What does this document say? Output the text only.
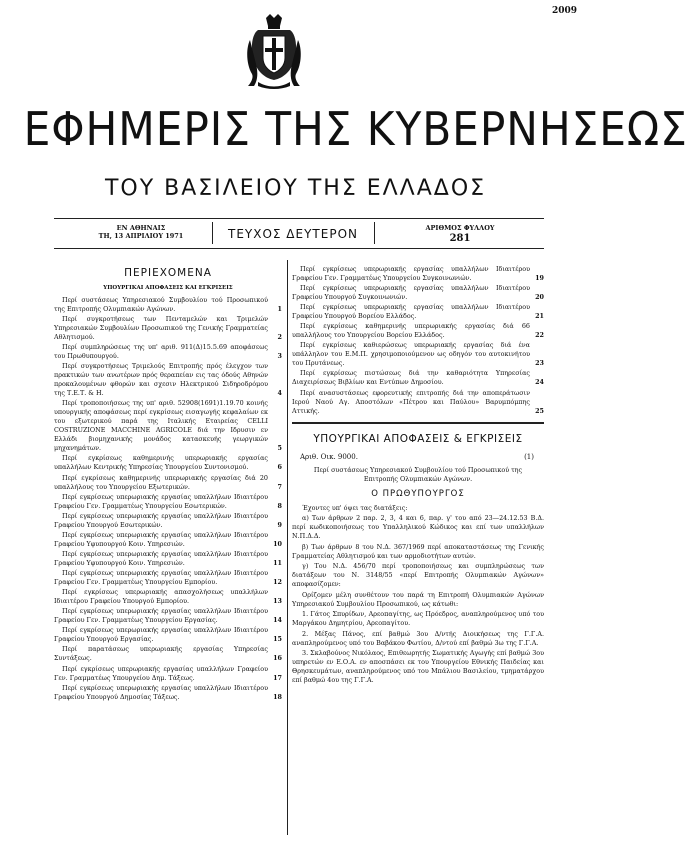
2009
ΕΦΗΜΕΡΙΣ ΤΗΣ ΚΥΒΕΡΝΗΣΕΩΣ
ΤΟΥ ΒΑΣΙΛΕΙΟΥ ΤΗΣ ΕΛΛΑΔΟΣ
ΕΝ ΑΘΗΝΑΙΣ
ΤΗ, 13 ΑΠΡΙΛΙΟΥ 1971	ΤΕΥΧΟΣ ΔΕΥΤΕΡΟΝ	ΑΡΙΘΜΟΣ ΦΥΛΛΟΥ
281
ΠΕΡΙΕΧΟΜΕΝΑ
ΥΠΟΥΡΓΙΚΑΙ ΑΠΟΦΑΣΕΙΣ ΚΑΙ ΕΓΚΡΙΣΕΙΣ
Περί συστάσεως Υπηρεσιακού Συμβουλίου τού Προσωπικού της Επιτροπής Ολυμπιακών Αγώνων.	1
Περί συγκροτήσεως των Πενταμελών και Τριμελών Υπηρεσιακών Συμβουλίων Προσωπικού της Γενικής Γραμματείας Αθλητισμού.	2
Περί συμπληρώσεως της υπ' αριθ. 911(Δ)15.5.69 αποφάσεως του Πρωθυπουργού.	3
Περί συγκροτήσεως Τριμελούς Επιτροπής πρός έλεγχον των πρακτικών των ανωτέρων πρός θεραπείαν εις τας όδούς Αθηνών προκαλουμένων φθορών και σχεσιν Ηλεκτρικού Σιδηροδρόμου της Τ.Ε.Τ. & Η.	4
Περί τροποποιήσεως της υπ' αριθ. 52908(1691)1.19.70 κοινής υπουργικής αποφάσεως περί εγκρίσεως εισαγωγής κεφαλαίων εκ του εξωτερικού παρά της Ιταλικής Εταιρείας CELLI COSTRUZIONE MACCHINE AGRICOLE διά την Ιδρυσιν εν Ελλάδι βιομηχανικής μονάδος κατασκευής γεωργικών μηχανημάτων.	5
Περί εγκρίσεως καθημερινής υπερωριακής εργασίας υπαλλήλων Κεντρικής Υπηρεσίας Υπουργείου Συντονισμού.	6
Περί εγκρίσεως καθημερινής υπερωριακής εργασίας διά 20 υπαλλήλους του Υπουργείου Εξωτερικών.	7
Περί εγκρίσεως υπερωριακής εργασίας υπαλλήλων Ιδιαιτέρου Γραφείου Γεν. Γραμματέως Υπουργείου Εσωτερικών.	8
Περί εγκρίσεως υπερωριακής εργασίας υπαλλήλων Ιδιαιτέρου Γραφείου Υπουργού Εσωτερικών.	9
Περί εγκρίσεως υπερωριακής εργασίας υπαλλήλων Ιδιαιτέρου Γραφείου Υφυπουργού Κοιν. Υπηρεσιών.	10
Περί εγκρίσεως υπερωριακής εργασίας υπαλλήλων Ιδιαιτέρου Γραφείου Υφυπουργού Κοιν. Υπηρεσιών.	11
Περί εγκρίσεως υπερωριακής εργασίας υπαλλήλων Ιδιαιτέρου Γραφείου Γεν. Γραμματέως Υπουργείου Εμπορίου.	12
Περί εγκρίσεως υπερωριακής απασχολήσεως υπαλλήλων Ιδιαιτέρου Γραφείου Υπουργού Εμπορίου.	13
Περί εγκρίσεως υπερωριακής εργασίας υπαλλήλων Ιδιαιτέρου Γραφείου Γεν. Γραμματέως Υπουργείου Εργασίας.	14
Περί εγκρίσεως υπερωριακής εργασίας υπαλλήλων Ιδιαιτέρου Γραφείου Υπουργού Εργασίας.	15
Περί παρατάσεως υπερωριακής εργασίας Υπηρεσίας Συντάξεως.	16
Περί εγκρίσεως υπερωριακής εργασίας υπαλλήλων Γραφείου Γεν. Γραμματέως Υπουργείου Δημ. Τάξεως.	17
Περί εγκρίσεως υπερωριακής εργασίας υπαλλήλων Ιδιαιτέρου Γραφείου Υπουργού Δημοσίας Τάξεως.	18
Περί εγκρίσεως υπερωριακής εργασίας υπαλλήλων Ιδιαιτέρου Γραφείου Γεν. Γραμματέως Υπουργείου Συγκοινωνιών.	19
Περί εγκρίσεως υπερωριακής εργασίας υπαλλήλων Ιδιαιτέρου Γραφείου Υπουργού Συγκοινωνιών.	20
Περί εγκρίσεως υπερωριακής εργασίας υπαλλήλων Ιδιαιτέρου Γραφείου Υπουργού Βορείου Ελλάδος.	21
Περί εγκρίσεως καθημερινής υπερωριακής εργασίας διά 66 υπαλλήλους του Υπουργείου Βορείου Ελλάδος.	22
Περί εγκρίσεως καθιερώσεως υπερωριακής εργασίας διά ένα υπάλληλον του Ε.Μ.Π. χρησιμοποιούμενον ως οδηγόν του αυτοκινήτου του Πρυτάνεως.	23
Περί εγκρίσεως πιστώσεως διά την καθαριότητα Υπηρεσίας Διαχειρίσεως Βιβλίων και Εντύπων Δημοσίου.	24
Περί ανασυστάσεως εφορευτικής επιτροπής διά την αποπεράτωσιν Ιερού Ναού Αγ. Αποστόλων «Πέτρου και Παύλου» Βαρυμπόμπης Αττικής.	25
ΥΠΟΥΡΓΙΚΑΙ ΑΠΟΦΑΣΕΙΣ & ΕΓΚΡΙΣΕΙΣ
Αριθ. Οικ. 9000.	(1)
Περί συστάσεως Υπηρεσιακού Συμβουλίου τού Προσωπικού της Επιτροπής Ολυμπιακών Αγώνων.
Ο ΠΡΩΘΥΠΟΥΡΓΟΣ

Έχοντες υπ' όψει τας διατάξεις:

α) Των άρθρων 2 παρ. 2, 3, 4 και 6, παρ. γ' του από 23—24.12.53 Β.Δ. περί κωδικοποιήσεως του Υπαλληλικού Κώδικος και επί των υπαλλήλων Ν.Π.Δ.Δ.

β) Των άρθρων 8 του Ν.Δ. 367/1969 περί αποκαταστάσεως της Γενικής Γραμματείας Αθλητισμού και των αρμοδιοτήτων αυτών.

γ) Του Ν.Δ. 456/70 περί τροποποιήσεως και συμπληρώσεως των διατάξεων του Ν. 3148/55 «περί Επιτροπής Ολυμπιακών Αγώνων» αποφασίζομεν:

Ορίζομεν μέλη συνθέτουν του παρά τη Επιτροπή Ολυμπιακών Αγώνων Υπηρεσιακού Συμβουλίου Προσωπικού, ως κάτωθι:

1. Γάτος Σπυρίδων, Αρεοπαγίτης, ως Πρόεδρος, αναπληρούμενος υπό του Μαργάκου Δημητρίου, Αρεοπαγίτου.

2. Μέξας Πάνος, επί βαθμώ 3ου Δ/ντής Διοικήσεως της Γ.Γ.Α. αναπληρούμενος υπό του Βαβάκου Φωτίου, Δ/ντού επί βαθμώ 3ω της Γ.Γ.Α.

3. Σκλαβούνος Νικόλαος, Επιθεωρητής Σωματικής Αγωγής επί βαθμώ 3ου υπηρετών εν Ε.Ο.Α. εν αποσπάσει εκ του Υπουργείου Εθνικής Παιδείας και Θρησκευμάτων, αναπληρούμενος υπό του Μπάλιου Βασιλείου, τμηματάρχου επί βαθμώ 4ου της Γ.Γ.Α.
